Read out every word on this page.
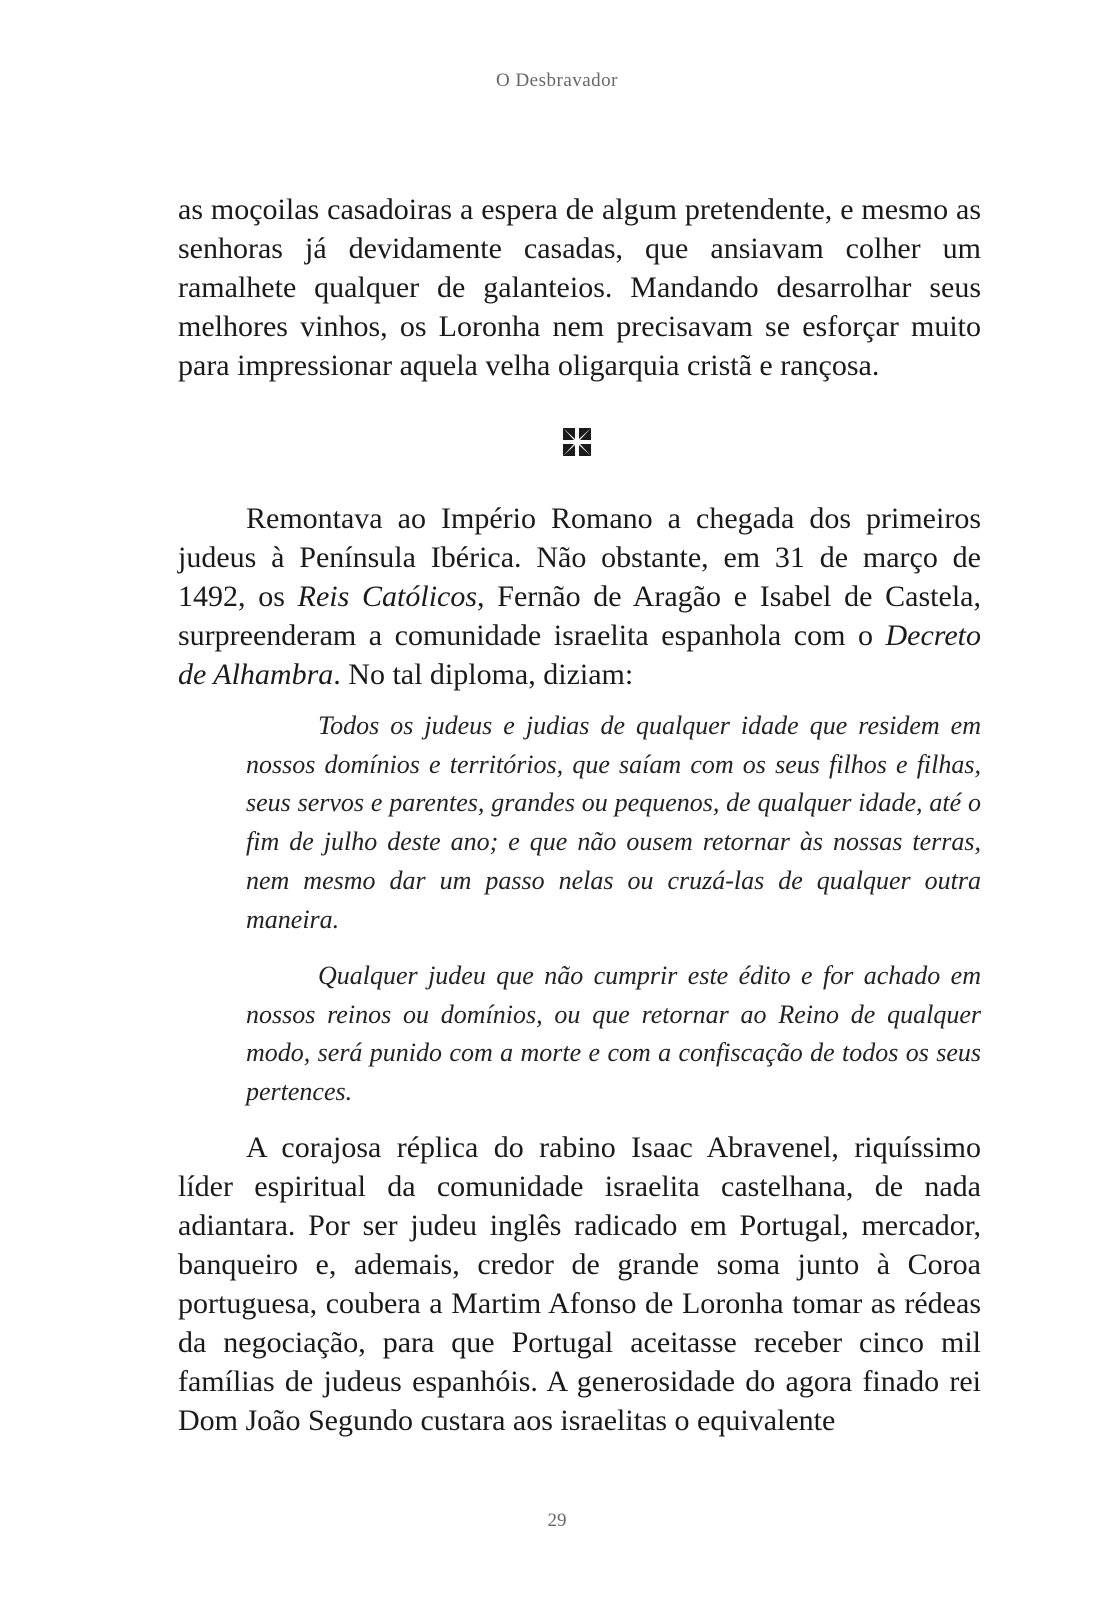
O Desbravador

as moçoilas casadoiras a espera de algum pretendente, e mesmo as senhoras já devidamente casadas, que ansiavam colher um ramalhete qualquer de galanteios. Mandando desarrolhar seus melhores vinhos, os Loronha nem precisavam se esforçar muito para impressionar aquela velha oligarquia cristã e rançosa.

Remontava ao Império Romano a chegada dos primeiros judeus à Península Ibérica. Não obstante, em 31 de março de 1492, os Reis Católicos, Fernão de Aragão e Isabel de Castela, surpreenderam a comunidade israelita espanhola com o Decreto de Alhambra. No tal diploma, diziam:

Todos os judeus e judias de qualquer idade que residem em nossos domínios e territórios, que saíam com os seus filhos e filhas, seus servos e parentes, grandes ou pequenos, de qualquer idade, até o fim de julho deste ano; e que não ousem retornar às nossas terras, nem mesmo dar um passo nelas ou cruzá-las de qualquer outra maneira.

Qualquer judeu que não cumprir este édito e for achado em nossos reinos ou domínios, ou que retornar ao Reino de qualquer modo, será punido com a morte e com a confiscação de todos os seus pertences.

A corajosa réplica do rabino Isaac Abravenel, riquíssimo líder espiritual da comunidade israelita castelhana, de nada adiantara. Por ser judeu inglês radicado em Portugal, mercador, banqueiro e, ademais, credor de grande soma junto à Coroa portuguesa, coubera a Martim Afonso de Loronha tomar as rédeas da negociação, para que Portugal aceitasse receber cinco mil famílias de judeus espanhóis. A generosidade do agora finado rei Dom João Segundo custara aos israelitas o equivalente

29
